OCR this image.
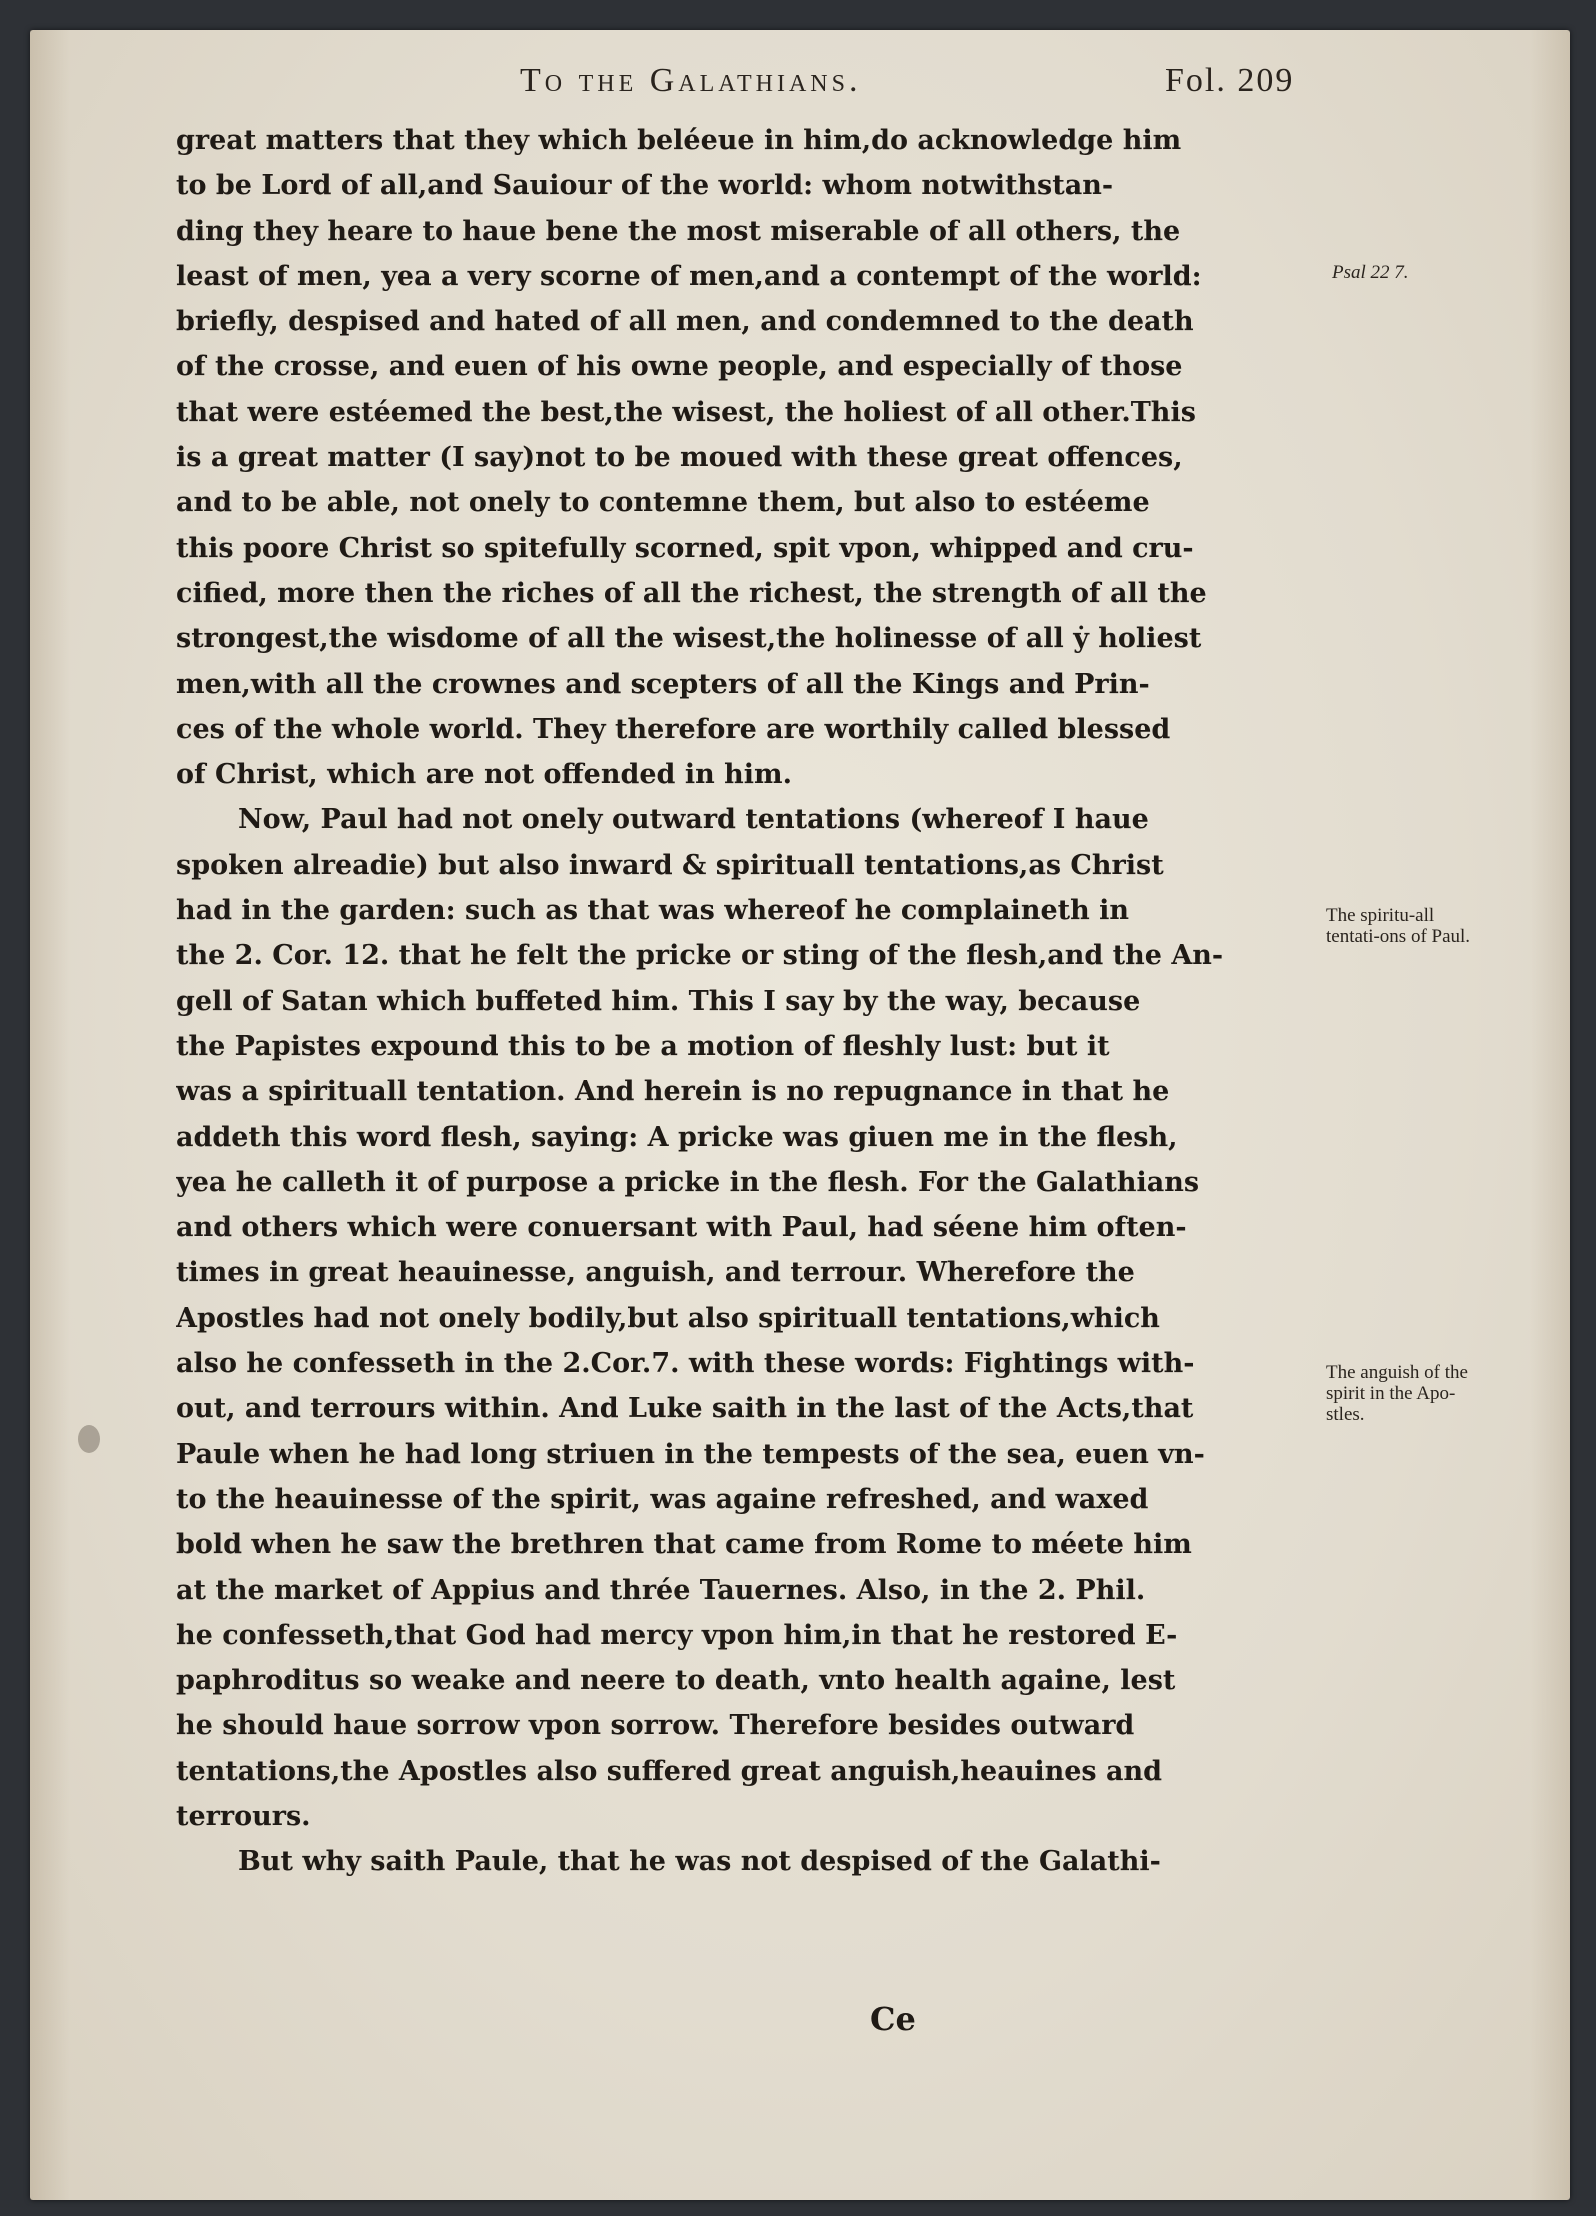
To the Galathians.	Fol. 209
great matters that they which beléeue in him,do acknowledge him
to be Lord of all,and Sauiour of the world: whom notwithstan-
ding they heare to haue bene the most miserable of all others, the
least of men, yea a very scorne of men,and a contempt of the world:
briefly, despised and hated of all men, and condemned to the death
of the crosse, and euen of his owne people, and especially of those
that were estéemed the best,the wisest, the holiest of all other.This
is a great matter (I say)not to be moued with these great offences,
and to be able, not onely to contemne them, but also to estéeme
this poore Christ so spitefully scorned, spit vpon, whipped and cru-
cified, more then the riches of all the richest, the strength of all the
strongest,the wisdome of all the wisest,the holinesse of all ẏ holiest
men,with all the crownes and scepters of all the Kings and Prin-
ces of the whole world. They therefore are worthily called blessed
of Christ, which are not offended in him.
Now, Paul had not onely outward tentations (whereof I haue
spoken alreadie) but also inward & spirituall tentations,as Christ
had in the garden: such as that was whereof he complaineth in
the 2. Cor. 12. that he felt the pricke or sting of the flesh,and the An-
gell of Satan which buffeted him. This I say by the way, because
the Papistes expound this to be a motion of fleshly lust: but it
was a spirituall tentation. And herein is no repugnance in that he
addeth this word flesh, saying: A pricke was giuen me in the flesh,
yea he calleth it of purpose a pricke in the flesh. For the Galathians
and others which were conuersant with Paul, had séene him often-
times in great heauinesse, anguish, and terrour. Wherefore the
Apostles had not onely bodily,but also spirituall tentations,which
also he confesseth in the 2.Cor.7. with these words: Fightings with-
out, and terrours within. And Luke saith in the last of the Acts,that
Paule when he had long striuen in the tempests of the sea, euen vn-
to the heauinesse of the spirit, was againe refreshed, and waxed
bold when he saw the brethren that came from Rome to méete him
at the market of Appius and thrée Tauernes. Also, in the 2. Phil.
he confesseth,that God had mercy vpon him,in that he restored E-
paphroditus so weake and neere to death, vnto health againe, lest
he should haue sorrow vpon sorrow. Therefore besides outward
tentations,the Apostles also suffered great anguish,heauines and
terrours.
But why saith Paule, that he was not despised of the Galathi-
Psal 22 7.
The spiritu-all tentati-ons of Paul.
The anguish of the spirit in the Apo-stles.
Ce
